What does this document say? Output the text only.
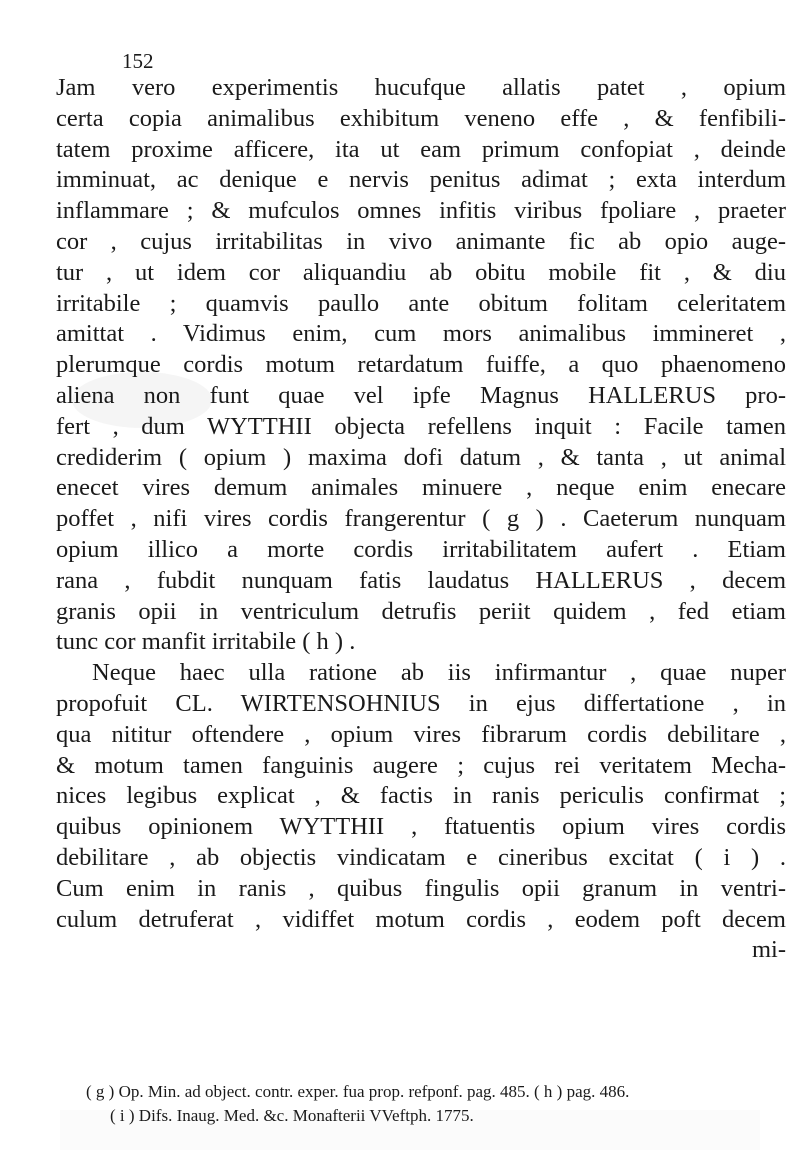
152
Jam vero experimentis hucufque allatis patet , opium
certa copia animalibus exhibitum veneno effe , & fenfibili-
tatem proxime afficere, ita ut eam primum confopiat , deinde
imminuat, ac denique e nervis penitus adimat ; exta interdum
inflammare ; & mufculos omnes infitis viribus fpoliare , praeter
cor , cujus irritabilitas in vivo animante fic ab opio auge-
tur , ut idem cor aliquandiu ab obitu mobile fit , & diu
irritabile ; quamvis paullo ante obitum folitam celeritatem
amittat . Vidimus enim, cum mors animalibus immineret ,
plerumque cordis motum retardatum fuiffe, a quo phaenomeno
aliena non funt quae vel ipfe Magnus HALLERUS pro-
fert , dum WYTTHII objecta refellens inquit : Facile tamen
crediderim ( opium ) maxima dofi datum , & tanta , ut animal
enecet vires demum animales minuere , neque enim enecare
poffet , nifi vires cordis frangerentur ( g ) . Caeterum nunquam
opium illico a morte cordis irritabilitatem aufert . Etiam
rana , fubdit nunquam fatis laudatus HALLERUS , decem
granis opii in ventriculum detrufis periit quidem , fed etiam
tunc cor manfit irritabile ( h ) .
Neque haec ulla ratione ab iis infirmantur , quae nuper
propofuit CL. WIRTENSOHNIUS in ejus differtatione , in
qua nititur oftendere , opium vires fibrarum cordis debilitare ,
& motum tamen fanguinis augere ; cujus rei veritatem Mecha-
nices legibus explicat , & factis in ranis periculis confirmat ;
quibus opinionem WYTTHII , ftatuentis opium vires cordis
debilitare , ab objectis vindicatam e cineribus excitat ( i ) .
Cum enim in ranis , quibus fingulis opii granum in ventri-
culum detruferat , vidiffet motum cordis , eodem poft decem
mi-
( g ) Op. Min. ad object. contr. exper. fua prop. refponf. pag. 485. ( h ) pag. 486.
( i ) Difs. Inaug. Med. &c. Monafterii VVeftph. 1775.
